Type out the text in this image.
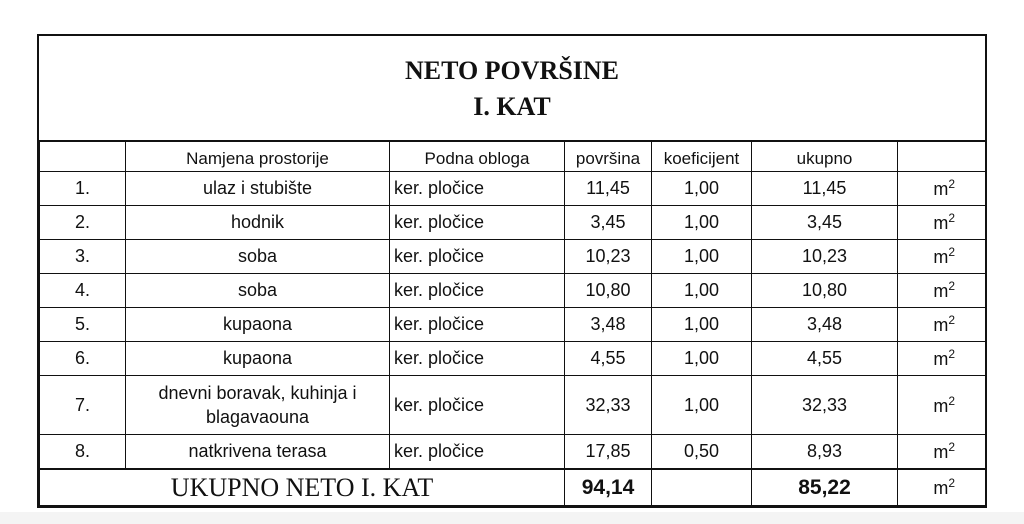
NETO POVRŠINE
I. KAT
	Namjena prostorije	Podna obloga	površina	koeficijent	ukupno	
1.	ulaz i stubište	ker. pločice	11,45	1,00	11,45	$m^2$
2.	hodnik	ker. pločice	3,45	1,00	3,45	$m^2$
3.	soba	ker. pločice	10,23	1,00	10,23	$m^2$
4.	soba	ker. pločice	10,80	1,00	10,80	$m^2$
5.	kupaona	ker. pločice	3,48	1,00	3,48	$m^2$
6.	kupaona	ker. pločice	4,55	1,00	4,55	$m^2$
7.	dnevni boravak, kuhinja i blagavaouna	ker. pločice	32,33	1,00	32,33	$m^2$
8.	natkrivena terasa	ker. pločice	17,85	0,50	8,93	$m^2$
UKUPNO NETO I. KAT			94,14		85,22	$m^2$
